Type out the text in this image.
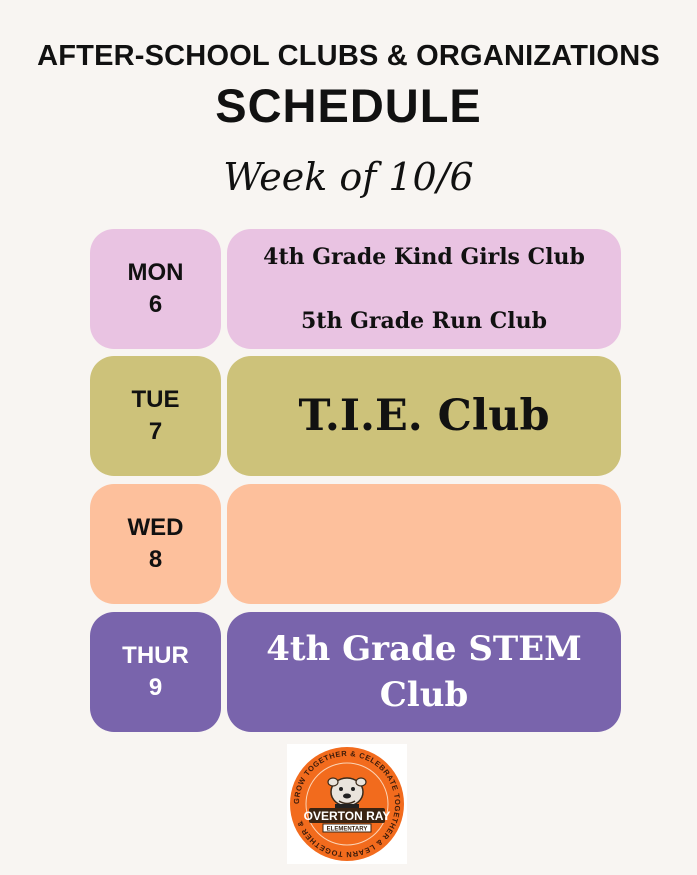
AFTER-SCHOOL CLUBS & ORGANIZATIONS
SCHEDULE
Week of 10/6
MON
6
4th Grade Kind Girls Club
5th Grade Run Club
TUE
7	T.I.E. Club
WED
8
THUR
9
4th Grade STEM Club
GROW TOGETHER & CELEBRATE TOGETHER & LEARN TOGETHER &
OVERTON RAY
ELEMENTARY
